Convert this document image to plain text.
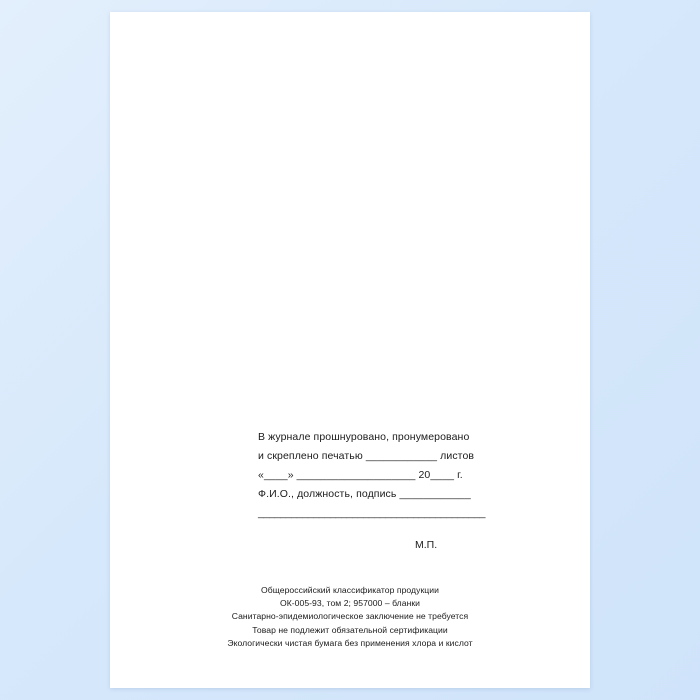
В журнале прошнуровано, пронумеровано
и скреплено печатью ____________ листов
«____» ____________________ 20____ г.
Ф.И.О., должность, подпись ____________
_________________________________________
М.П.
Общероссийский классификатор продукции
ОК-005-93, том 2; 957000 – бланки
Санитарно-эпидемиологическое заключение не требуется
Товар не подлежит обязательной сертификации
Экологически чистая бумага без применения хлора и кислот
